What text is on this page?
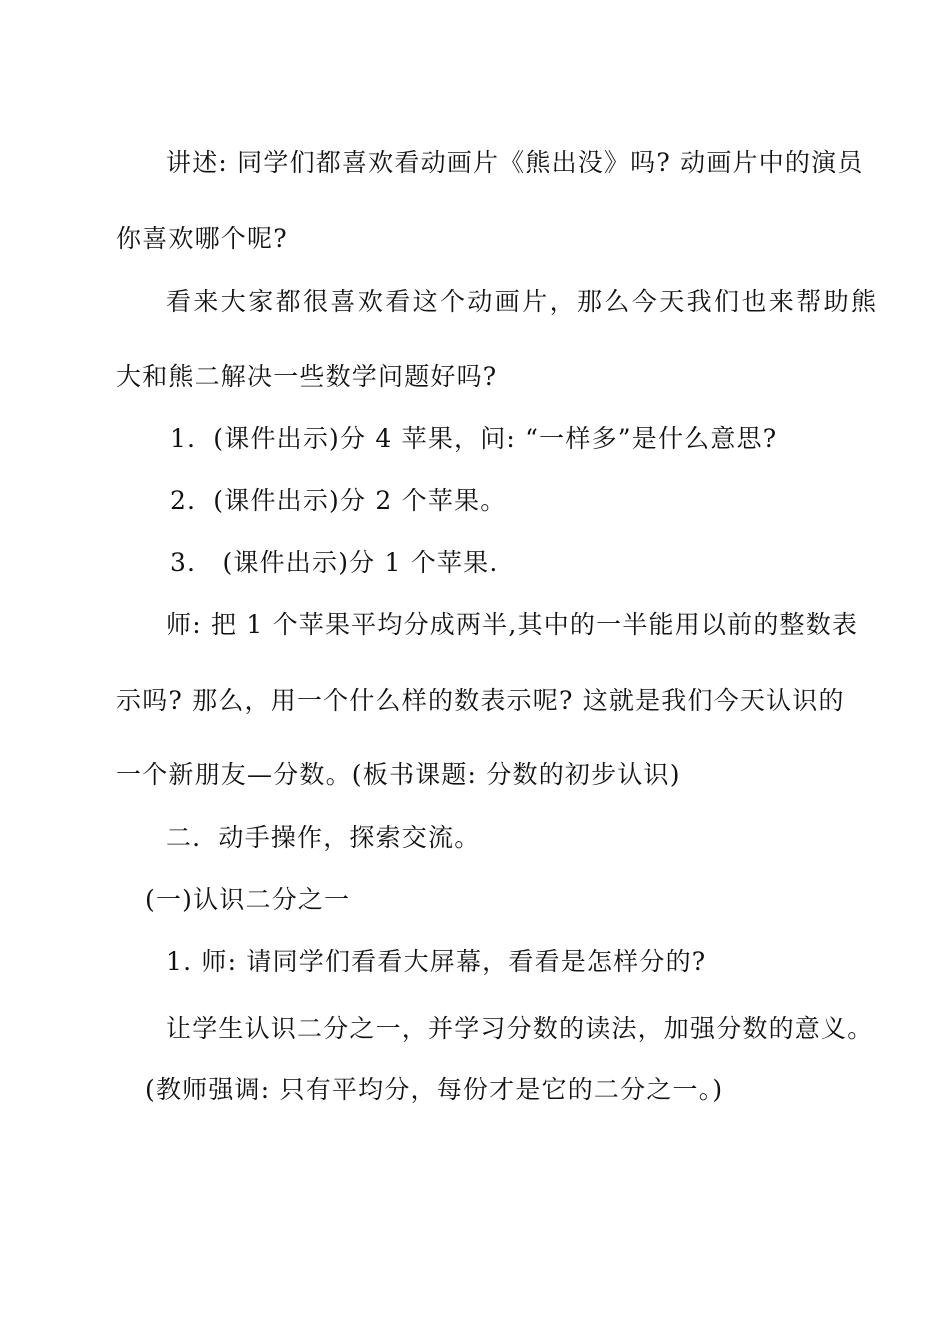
讲述: 同学们都喜欢看动画片《熊出没》吗? 动画片中的演员
你喜欢哪个呢?
看来大家都很喜欢看这个动画片，那么今天我们也来帮助熊
大和熊二解决一些数学问题好吗?
1．(课件出示)分 4 苹果，问: “一样多”是什么意思?
2．(课件出示)分 2 个苹果。
3． (课件出示)分 1 个苹果.
师: 把 1 个苹果平均分成两半,其中的一半能用以前的整数表
示吗? 那么，用一个什么样的数表示呢? 这就是我们今天认识的
一个新朋友—分数。(板书课题: 分数的初步认识)
二．动手操作，探索交流。
(一)认识二分之一
1. 师: 请同学们看看大屏幕，看看是怎样分的?
让学生认识二分之一，并学习分数的读法，加强分数的意义。
(教师强调: 只有平均分，每份才是它的二分之一。)
